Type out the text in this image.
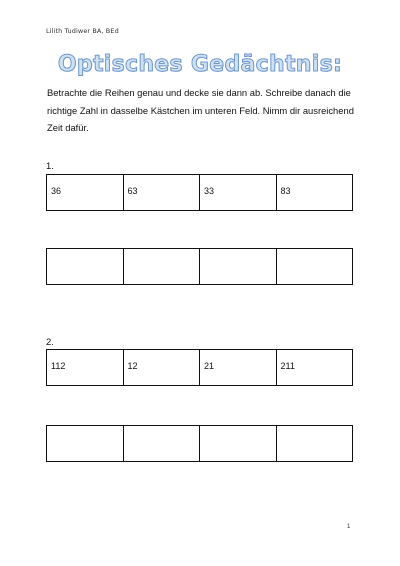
Lilith Tudiwer BA, BEd
Optisches Gedächtnis:
Betrachte die Reihen genau und decke sie dann ab. Schreibe danach die richtige Zahl in dasselbe Kästchen im unteren Feld. Nimm dir ausreichend Zeit dafür.
1.
36	63	33	83
2.
112	12	21	211
1
